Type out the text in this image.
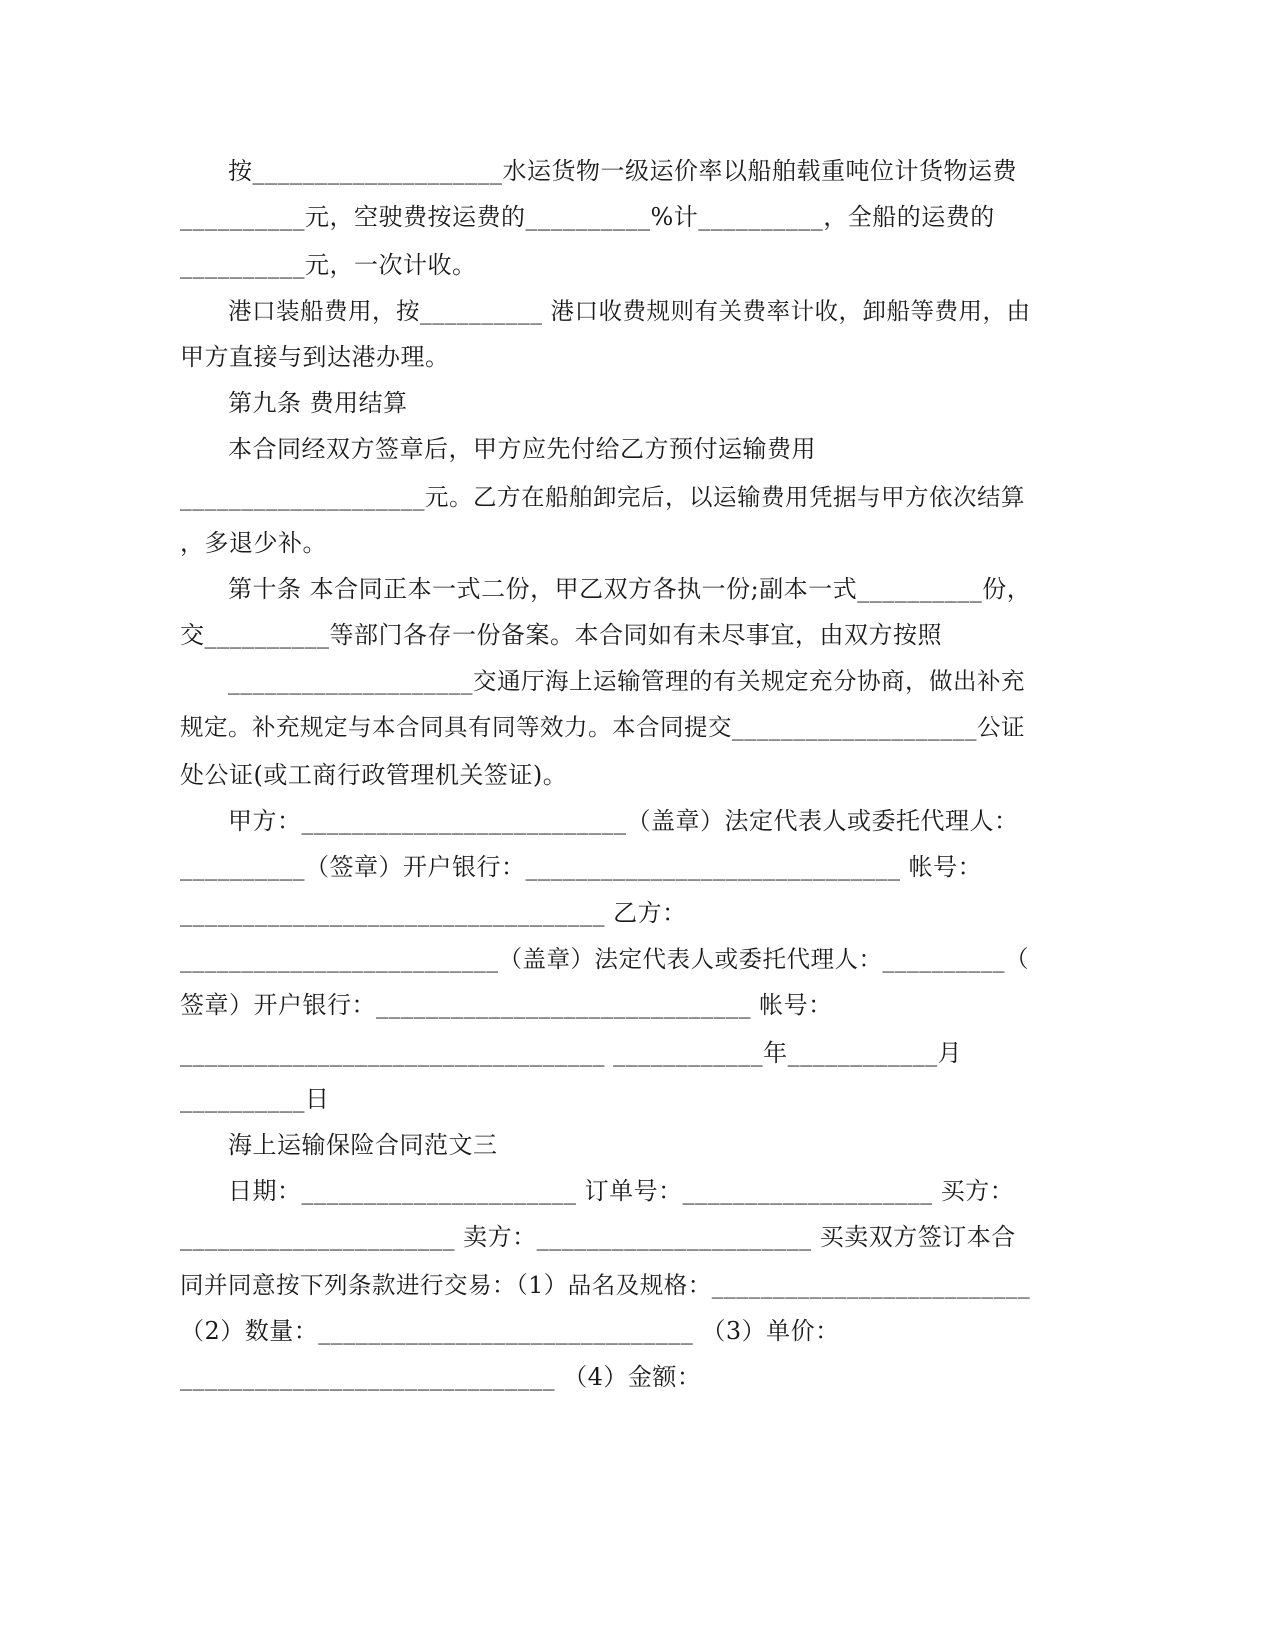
按____________________水运货物一级运价率以船舶载重吨位计货物运费
__________元，空驶费按运费的__________%计__________，全船的运费的
__________元，一次计收。
港口装船费用，按__________ 港口收费规则有关费率计收，卸船等费用，由
甲方直接与到达港办理。
第九条 费用结算
本合同经双方签章后，甲方应先付给乙方预付运输费用
____________________元。乙方在船舶卸完后，以运输费用凭据与甲方依次结算
，多退少补。
第十条 本合同正本一式二份，甲乙双方各执一份;副本一式__________份，
交__________等部门各存一份备案。本合同如有未尽事宜，由双方按照
____________________交通厅海上运输管理的有关规定充分协商，做出补充
规定。补充规定与本合同具有同等效力。本合同提交____________________公证
处公证(或工商行政管理机关签证)。
甲方：__________________________（盖章）法定代表人或委托代理人：
__________（签章）开户银行：______________________________ 帐号：
__________________________________ 乙方：
__________________________（盖章）法定代表人或委托代理人：__________（
签章）开户银行：______________________________ 帐号：
__________________________________ ____________年____________月
__________日
海上运输保险合同范文三
日期：______________________ 订单号：____________________ 买方：
______________________ 卖方：______________________ 买卖双方签订本合
同并同意按下列条款进行交易：（1）品名及规格：__________________________
（2）数量：______________________________ （3）单价：
______________________________ （4）金额：
